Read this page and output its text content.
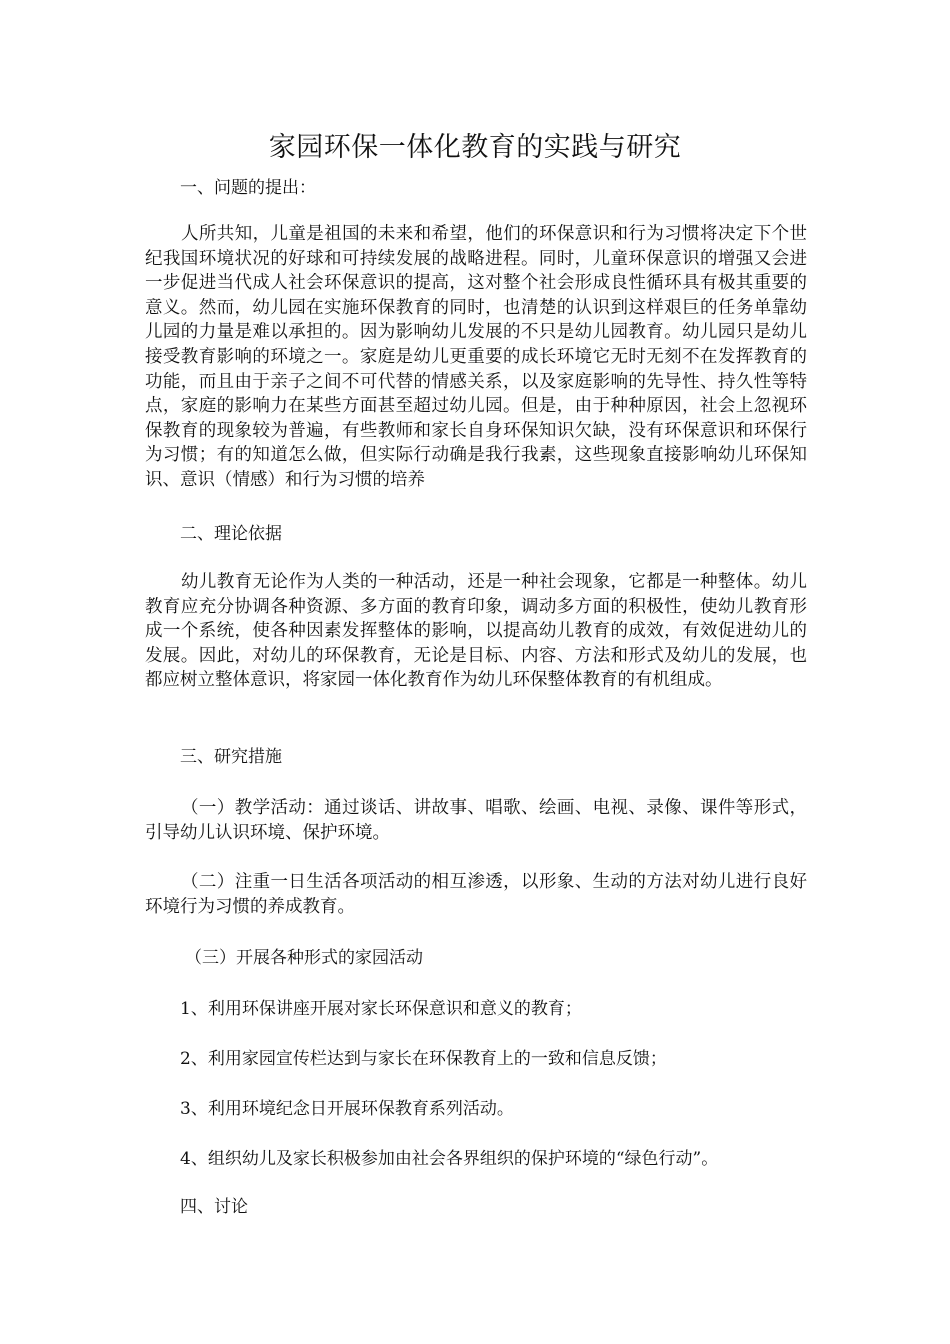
家园环保一体化教育的实践与研究

一、问题的提出：

人所共知，儿童是祖国的未来和希望，他们的环保意识和行为习惯将决定下个世纪我国环境状况的好球和可持续发展的战略进程。同时，儿童环保意识的增强又会进一步促进当代成人社会环保意识的提高，这对整个社会形成良性循环具有极其重要的意义。然而，幼儿园在实施环保教育的同时，也清楚的认识到这样艰巨的任务单靠幼儿园的力量是难以承担的。因为影响幼儿发展的不只是幼儿园教育。幼儿园只是幼儿接受教育影响的环境之一。家庭是幼儿更重要的成长环境它无时无刻不在发挥教育的功能，而且由于亲子之间不可代替的情感关系，以及家庭影响的先导性、持久性等特点，家庭的影响力在某些方面甚至超过幼儿园。但是，由于种种原因，社会上忽视环保教育的现象较为普遍，有些教师和家长自身环保知识欠缺，没有环保意识和环保行为习惯；有的知道怎么做，但实际行动确是我行我素，这些现象直接影响幼儿环保知识、意识（情感）和行为习惯的培养

二、理论依据

幼儿教育无论作为人类的一种活动，还是一种社会现象，它都是一种整体。幼儿教育应充分协调各种资源、多方面的教育印象，调动多方面的积极性，使幼儿教育形成一个系统，使各种因素发挥整体的影响，以提高幼儿教育的成效，有效促进幼儿的发展。因此，对幼儿的环保教育，无论是目标、内容、方法和形式及幼儿的发展，也都应树立整体意识，将家园一体化教育作为幼儿环保整体教育的有机组成。

三、研究措施

（一）教学活动：通过谈话、讲故事、唱歌、绘画、电视、录像、课件等形式，引导幼儿认识环境、保护环境。

（二）注重一日生活各项活动的相互渗透，以形象、生动的方法对幼儿进行良好环境行为习惯的养成教育。

（三）开展各种形式的家园活动

1、利用环保讲座开展对家长环保意识和意义的教育；

2、利用家园宣传栏达到与家长在环保教育上的一致和信息反馈；

3、利用环境纪念日开展环保教育系列活动。

4、组织幼儿及家长积极参加由社会各界组织的保护环境的“绿色行动”。

四、讨论
